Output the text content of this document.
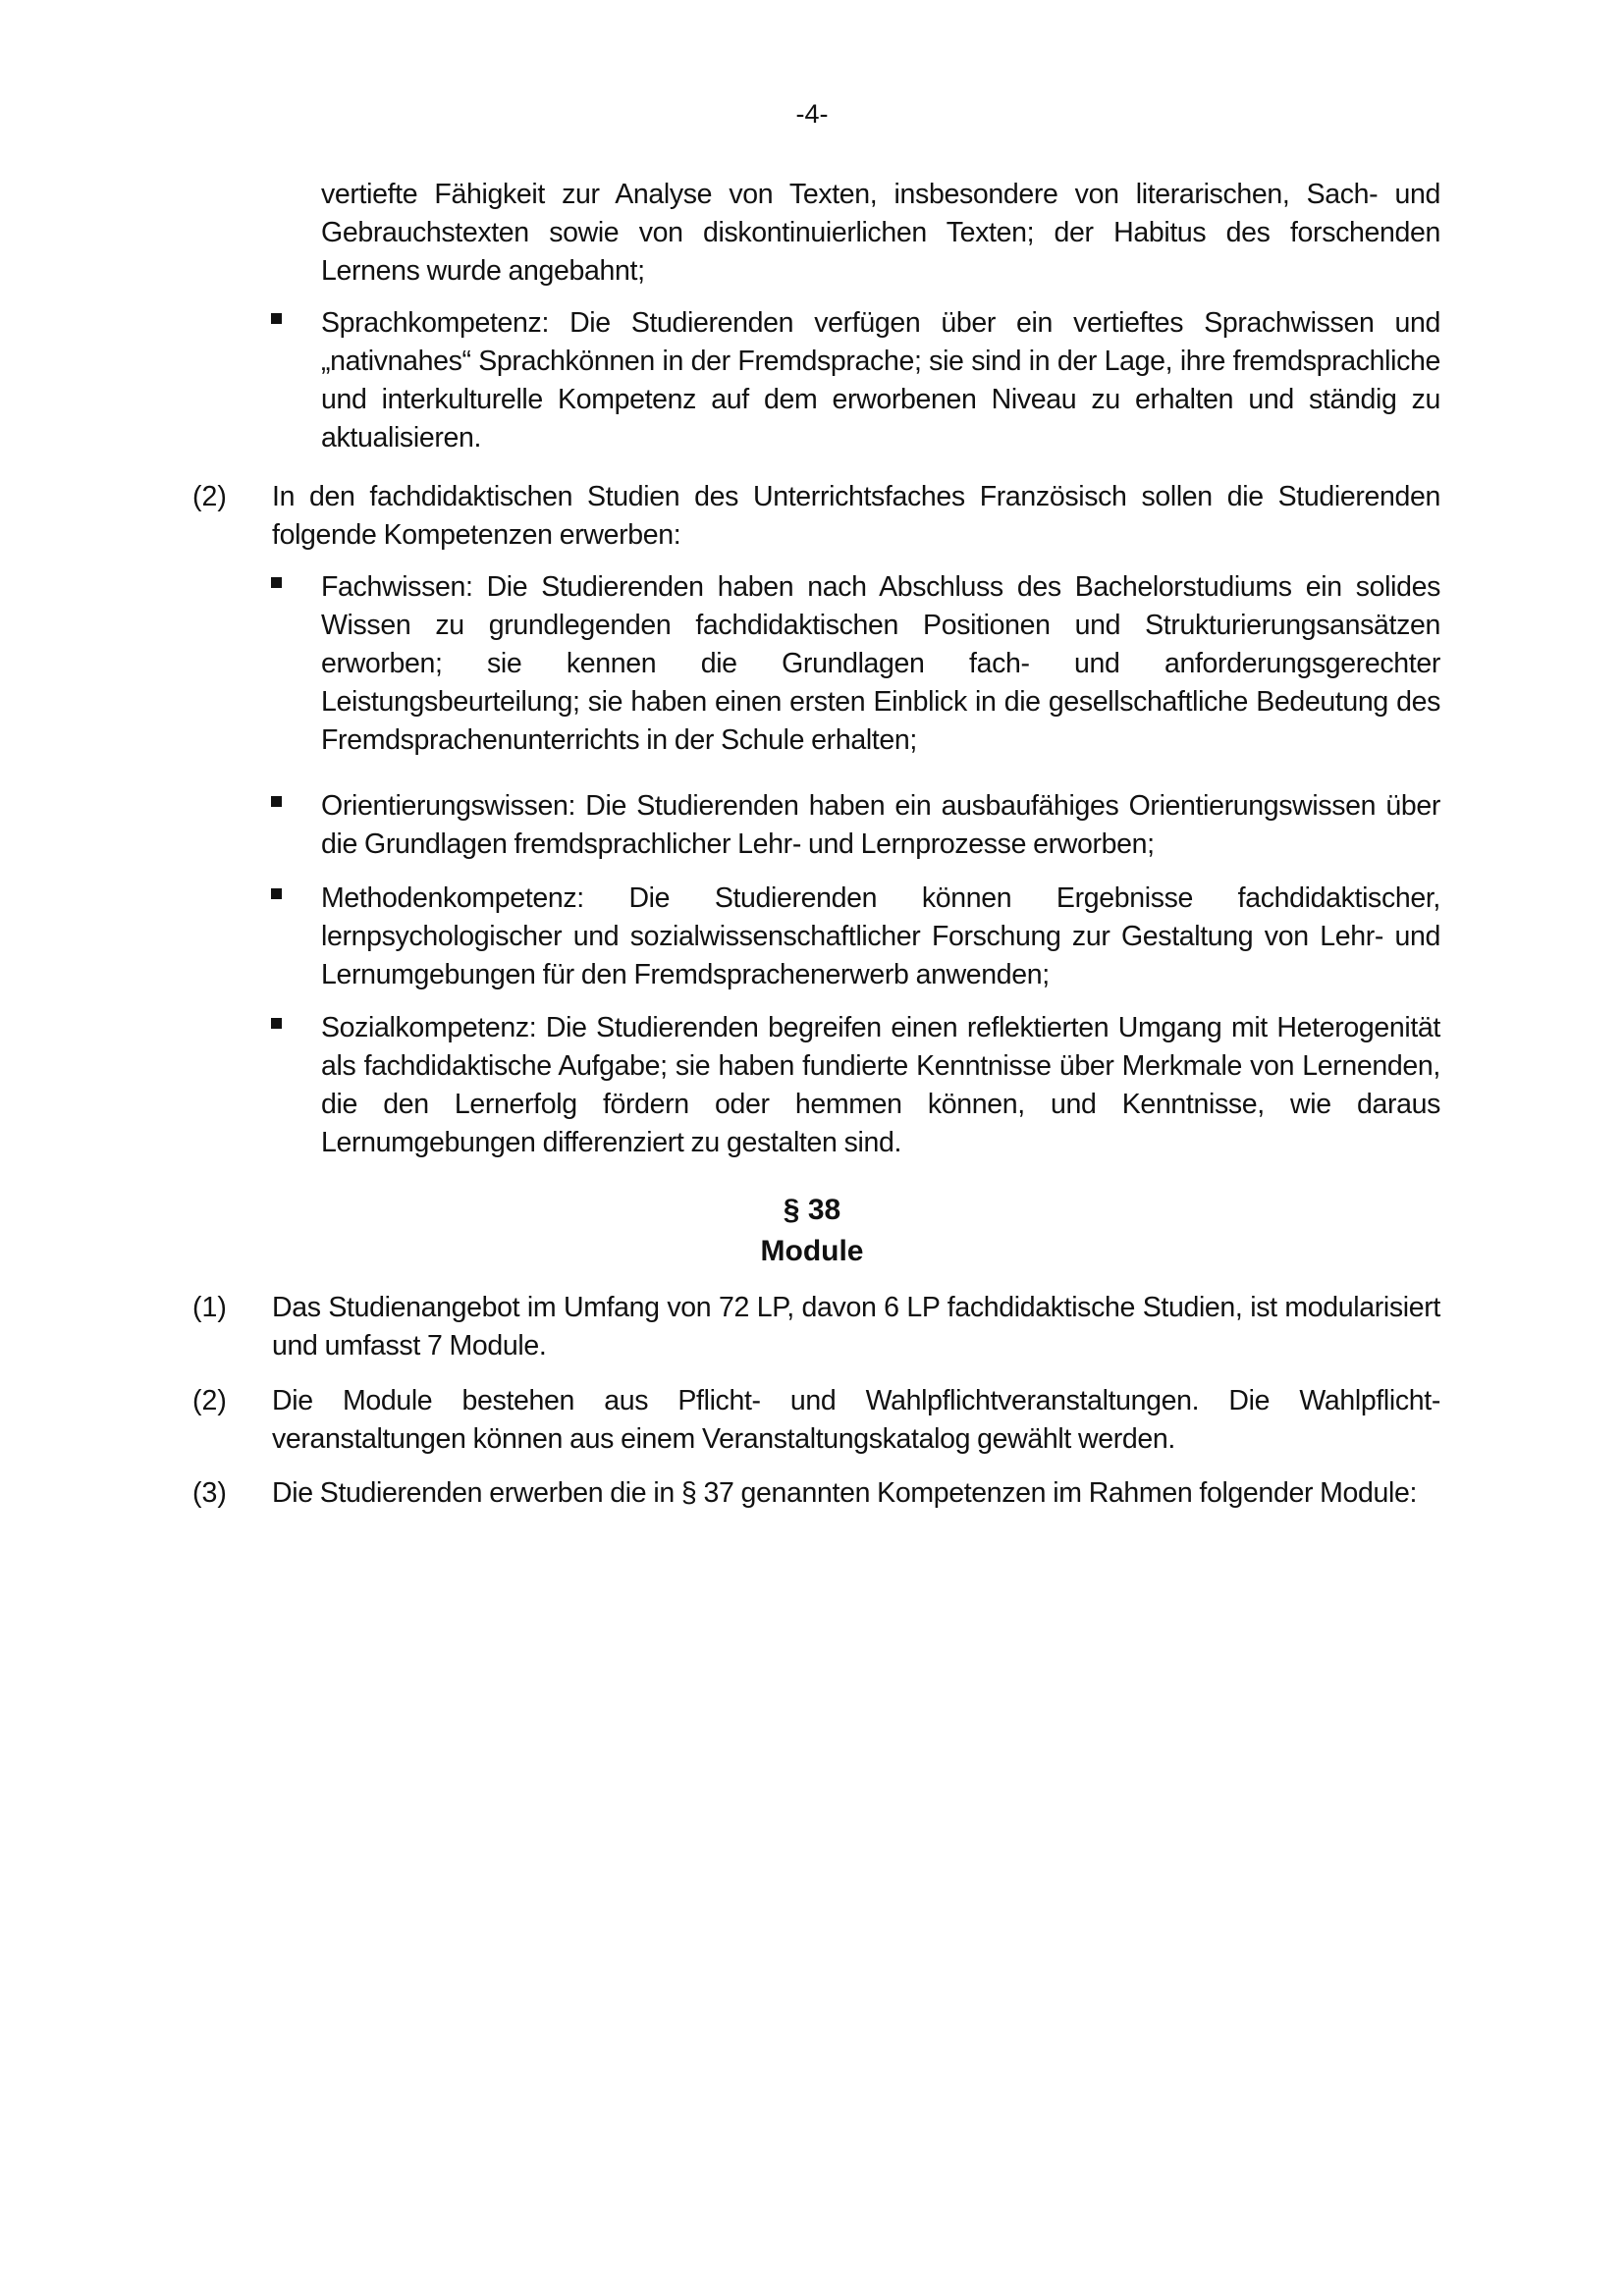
-4-
vertiefte Fähigkeit zur Analyse von Texten, insbesondere von literarischen, Sach- und Gebrauchstexten sowie von diskontinuierlichen Texten; der Habitus des forschenden Lernens wurde angebahnt;
Sprachkompetenz: Die Studierenden verfügen über ein vertieftes Sprachwissen und „nativnahes“ Sprachkönnen in der Fremdsprache; sie sind in der Lage, ihre fremdsprachliche und interkulturelle Kompetenz auf dem erworbenen Niveau zu erhalten und ständig zu aktualisieren.
(2) In den fachdidaktischen Studien des Unterrichtsfaches Französisch sollen die Studierenden folgende Kompetenzen erwerben:
Fachwissen: Die Studierenden haben nach Abschluss des Bachelorstudiums ein solides Wissen zu grundlegenden fachdidaktischen Positionen und Strukturierungsansätzen erworben; sie kennen die Grundlagen fach- und anforderungsgerechter Leistungsbeurteilung; sie haben einen ersten Einblick in die gesellschaftliche Bedeutung des Fremdsprachenunterrichts in der Schule erhalten;
Orientierungswissen: Die Studierenden haben ein ausbaufähiges Orientierungswissen über die Grundlagen fremdsprachlicher Lehr- und Lernprozesse erworben;
Methodenkompetenz: Die Studierenden können Ergebnisse fachdidaktischer, lernpsychologischer und sozialwissenschaftlicher Forschung zur Gestaltung von Lehr- und Lernumgebungen für den Fremdsprachenerwerb anwenden;
Sozialkompetenz: Die Studierenden begreifen einen reflektierten Umgang mit Heterogenität als fachdidaktische Aufgabe; sie haben fundierte Kenntnisse über Merkmale von Lernenden, die den Lernerfolg fördern oder hemmen können, und Kenntnisse, wie daraus Lernumgebungen differenziert zu gestalten sind.
§ 38
Module
(1) Das Studienangebot im Umfang von 72 LP, davon 6 LP fachdidaktische Studien, ist modularisiert und umfasst 7 Module.
(2) Die Module bestehen aus Pflicht- und Wahlpflichtveranstaltungen. Die Wahlpflicht-veranstaltungen können aus einem Veranstaltungskatalog gewählt werden.
(3) Die Studierenden erwerben die in § 37 genannten Kompetenzen im Rahmen folgender Module:
